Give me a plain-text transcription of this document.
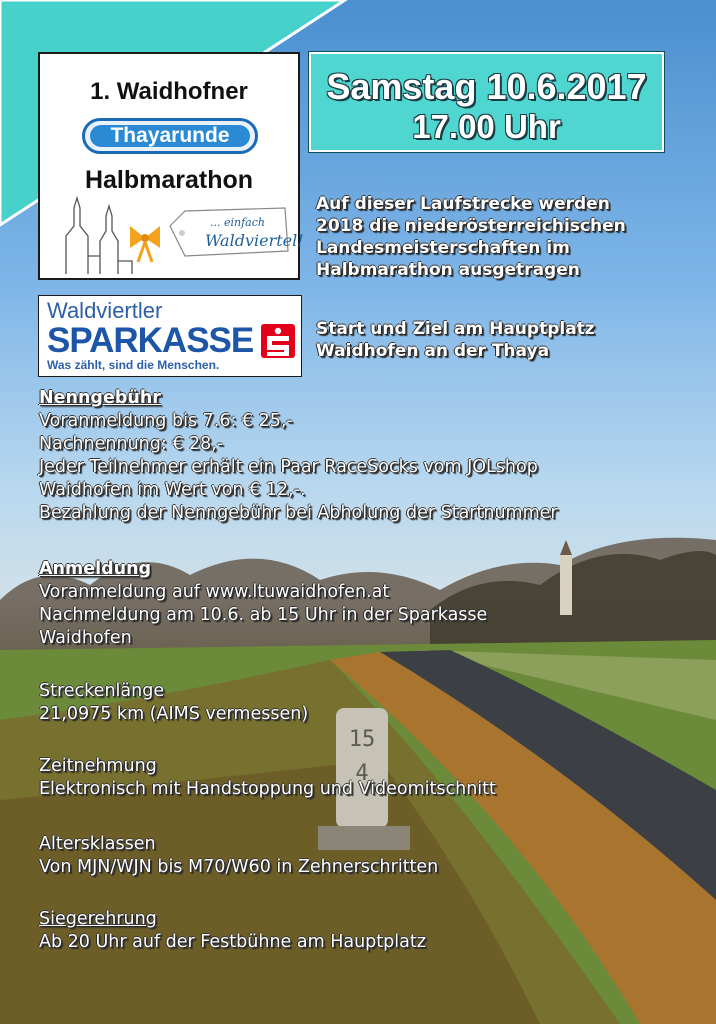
15
4
1. Waidhofner
Thayarunde
Halbmarathon
... einfach
Waldviertel!
Samstag 10.6.2017
17.00 Uhr
Auf dieser Laufstrecke werden
2018 die niederösterreichischen
Landesmeisterschaften im
Halbmarathon ausgetragen
Waldviertler
SPARKASSE
Was zählt, sind die Menschen.
Start und Ziel am Hauptplatz
Waidhofen an der Thaya
Nenngebühr
Voranmeldung bis 7.6: € 25,-
Nachnennung: € 28,-
Jeder Teilnehmer erhält ein Paar RaceSocks vom JOLshop
Waidhofen im Wert von € 12,-.
Bezahlung der Nenngebühr bei Abholung der Startnummer
Anmeldung
Voranmeldung auf www.ltuwaidhofen.at
Nachmeldung am 10.6. ab 15 Uhr in der Sparkasse
Waidhofen
Streckenlänge
21,0975 km (AIMS vermessen)
Zeitnehmung
Elektronisch mit Handstoppung und Videomitschnitt
Altersklassen
Von MJN/WJN bis M70/W60 in Zehnerschritten
Siegerehrung
Ab 20 Uhr auf der Festbühne am Hauptplatz
